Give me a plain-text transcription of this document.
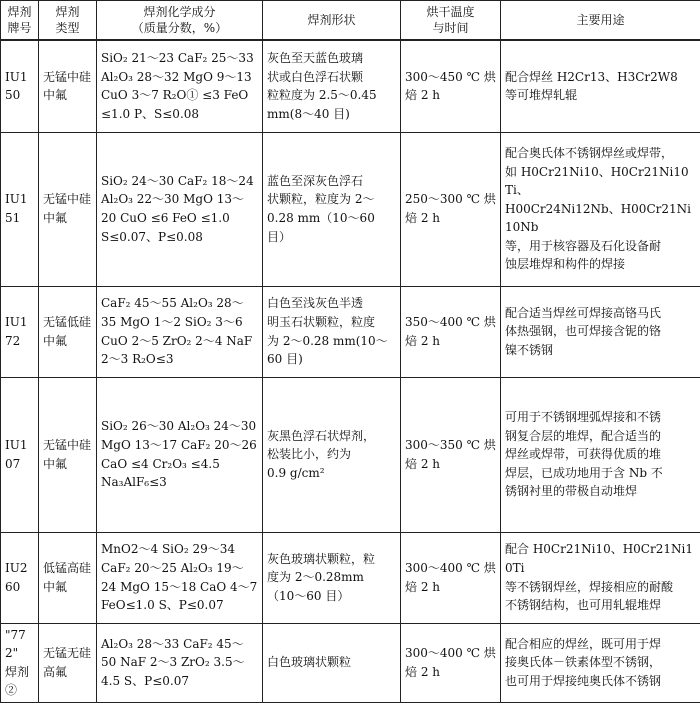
焊剂
牌号	焊剂
类型	焊剂化学成分
（质量分数，%）	焊剂形状	烘干温度
与时间	主要用途
IU150	无锰中硅
中氟	SiO₂ 21～23 CaF₂ 25～33
Al₂O₃ 28～32 MgO 9～13
CuO 3～7 R₂O① ≤3 FeO
≤1.0 P、S≤0.08	灰色至天蓝色玻璃
状或白色浮石状颗
粒粒度为 2.5～0.45
mm(8～40 目)	300～450 ℃ 烘
焙 2 h	配合焊丝 H2Cr13、H3Cr2W8
等可堆焊轧辊
IU151	无锰中硅
中氟	SiO₂ 24～30 CaF₂ 18～24
Al₂O₃ 22～30 MgO 13～
20 CuO ≤6 FeO ≤1.0
S≤0.07、P≤0.08	蓝色至深灰色浮石
状颗粒，粒度为 2～
0.28 mm（10～60
目）	250～300 ℃ 烘
焙 2 h	配合奥氏体不锈钢焊丝或焊带，
如 H0Cr21Ni10、H0Cr21Ni10Ti、
H00Cr24Ni12Nb、H00Cr21Ni10Nb
等，用于核容器及石化设备耐
蚀层堆焊和构件的焊接
IU172	无锰低硅
中氟	CaF₂ 45～55 Al₂O₃ 28～
35 MgO 1～2 SiO₂ 3～6
CuO 2～5 ZrO₂ 2～4 NaF
2～3 R₂O≤3	白色至浅灰色半透
明玉石状颗粒，粒度
为 2～0.28 mm(10～
60 目)	350～400 ℃ 烘
焙 2 h	配合适当焊丝可焊接高铬马氏
体热强钢，也可焊接含铌的铬
镍不锈钢
IU107	无锰中硅
中氟	SiO₂ 26～30 Al₂O₃ 24～30
MgO 13～17 CaF₂ 20～26
CaO ≤4 Cr₂O₃ ≤4.5
Na₃AlF₆≤3	灰黑色浮石状焊剂，
松装比小，约为
0.9 g/cm²	300～350 ℃ 烘
焙 2 h	可用于不锈钢埋弧焊接和不锈
钢复合层的堆焊，配合适当的
焊丝或焊带，可获得优质的堆
焊层，已成功地用于含 Nb 不
锈钢衬里的带极自动堆焊
IU260	低锰高硅
中氟	MnO2～4 SiO₂ 29～34
CaF₂ 20～25 Al₂O₃ 19～
24 MgO 15～18 CaO 4～7
FeO≤1.0 S、P≤0.07	灰色玻璃状颗粒，粒
度为 2～0.28mm
（10～60 目）	300～400 ℃ 烘
焙 2 h	配合 H0Cr21Ni10、H0Cr21Ni10Ti
等不锈钢焊丝，焊接相应的耐酸
不锈钢结构，也可用轧辊堆焊
"772"
焊剂②	无锰无硅
高氟	Al₂O₃ 28～33 CaF₂ 45～
50 NaF 2～3 ZrO₂ 3.5～
4.5 S、P≤0.07	白色玻璃状颗粒	300～400 ℃ 烘
焙 2 h	配合相应的焊丝，既可用于焊
接奥氏体－铁素体型不锈钢，
也可用于焊接纯奥氏体不锈钢
